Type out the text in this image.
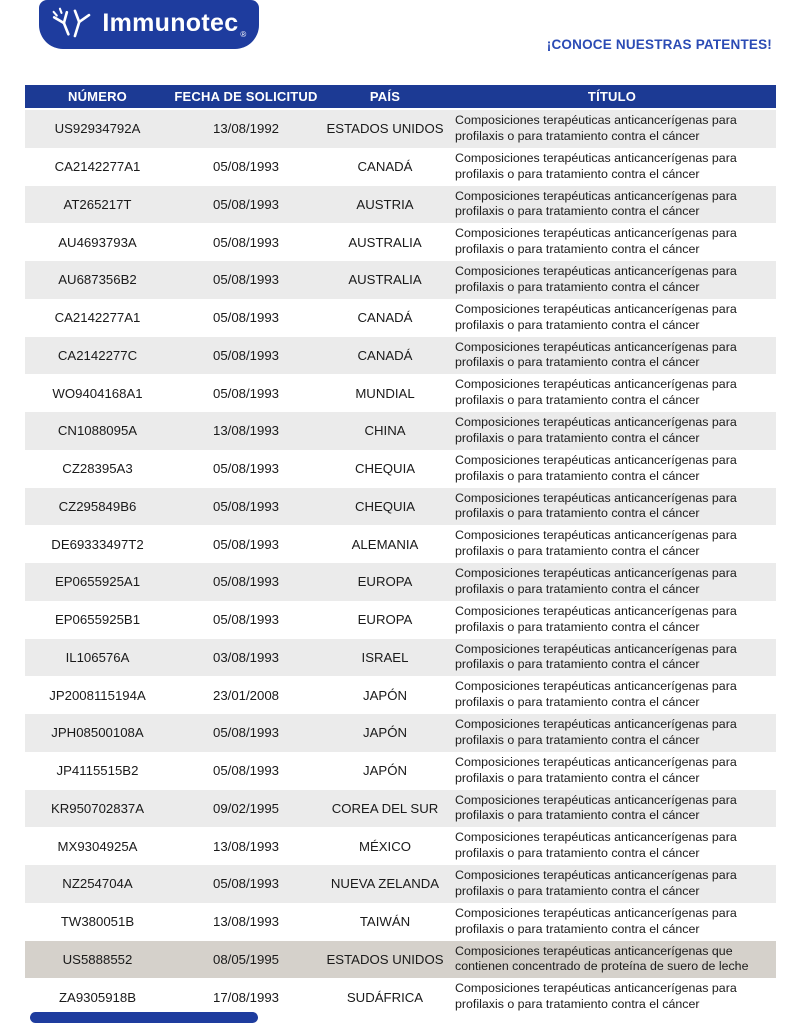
Immunotec $_®$
¡CONOCE NUESTRAS PATENTES!
NÚMERO	FECHA DE SOLICITUD	PAÍS	TÍTULO
US92934792A	13/08/1992	ESTADOS UNIDOS	Composiciones terapéuticas anticancerígenas para profilaxis o para tratamiento contra el cáncer
CA2142277A1	05/08/1993	CANADÁ	Composiciones terapéuticas anticancerígenas para profilaxis o para tratamiento contra el cáncer
AT265217T	05/08/1993	AUSTRIA	Composiciones terapéuticas anticancerígenas para profilaxis o para tratamiento contra el cáncer
AU4693793A	05/08/1993	AUSTRALIA	Composiciones terapéuticas anticancerígenas para profilaxis o para tratamiento contra el cáncer
AU687356B2	05/08/1993	AUSTRALIA	Composiciones terapéuticas anticancerígenas para profilaxis o para tratamiento contra el cáncer
CA2142277A1	05/08/1993	CANADÁ	Composiciones terapéuticas anticancerígenas para profilaxis o para tratamiento contra el cáncer
CA2142277C	05/08/1993	CANADÁ	Composiciones terapéuticas anticancerígenas para profilaxis o para tratamiento contra el cáncer
WO9404168A1	05/08/1993	MUNDIAL	Composiciones terapéuticas anticancerígenas para profilaxis o para tratamiento contra el cáncer
CN1088095A	13/08/1993	CHINA	Composiciones terapéuticas anticancerígenas para profilaxis o para tratamiento contra el cáncer
CZ28395A3	05/08/1993	CHEQUIA	Composiciones terapéuticas anticancerígenas para profilaxis o para tratamiento contra el cáncer
CZ295849B6	05/08/1993	CHEQUIA	Composiciones terapéuticas anticancerígenas para profilaxis o para tratamiento contra el cáncer
DE69333497T2	05/08/1993	ALEMANIA	Composiciones terapéuticas anticancerígenas para profilaxis o para tratamiento contra el cáncer
EP0655925A1	05/08/1993	EUROPA	Composiciones terapéuticas anticancerígenas para profilaxis o para tratamiento contra el cáncer
EP0655925B1	05/08/1993	EUROPA	Composiciones terapéuticas anticancerígenas para profilaxis o para tratamiento contra el cáncer
IL106576A	03/08/1993	ISRAEL	Composiciones terapéuticas anticancerígenas para profilaxis o para tratamiento contra el cáncer
JP2008115194A	23/01/2008	JAPÓN	Composiciones terapéuticas anticancerígenas para profilaxis o para tratamiento contra el cáncer
JPH08500108A	05/08/1993	JAPÓN	Composiciones terapéuticas anticancerígenas para profilaxis o para tratamiento contra el cáncer
JP4115515B2	05/08/1993	JAPÓN	Composiciones terapéuticas anticancerígenas para profilaxis o para tratamiento contra el cáncer
KR950702837A	09/02/1995	COREA DEL SUR	Composiciones terapéuticas anticancerígenas para profilaxis o para tratamiento contra el cáncer
MX9304925A	13/08/1993	MÉXICO	Composiciones terapéuticas anticancerígenas para profilaxis o para tratamiento contra el cáncer
NZ254704A	05/08/1993	NUEVA ZELANDA	Composiciones terapéuticas anticancerígenas para profilaxis o para tratamiento contra el cáncer
TW380051B	13/08/1993	TAIWÁN	Composiciones terapéuticas anticancerígenas para profilaxis o para tratamiento contra el cáncer
US5888552	08/05/1995	ESTADOS UNIDOS	Composiciones terapéuticas anticancerígenas que contienen concentrado de proteína de suero de leche
ZA9305918B	17/08/1993	SUDÁFRICA	Composiciones terapéuticas anticancerígenas para profilaxis o para tratamiento contra el cáncer
